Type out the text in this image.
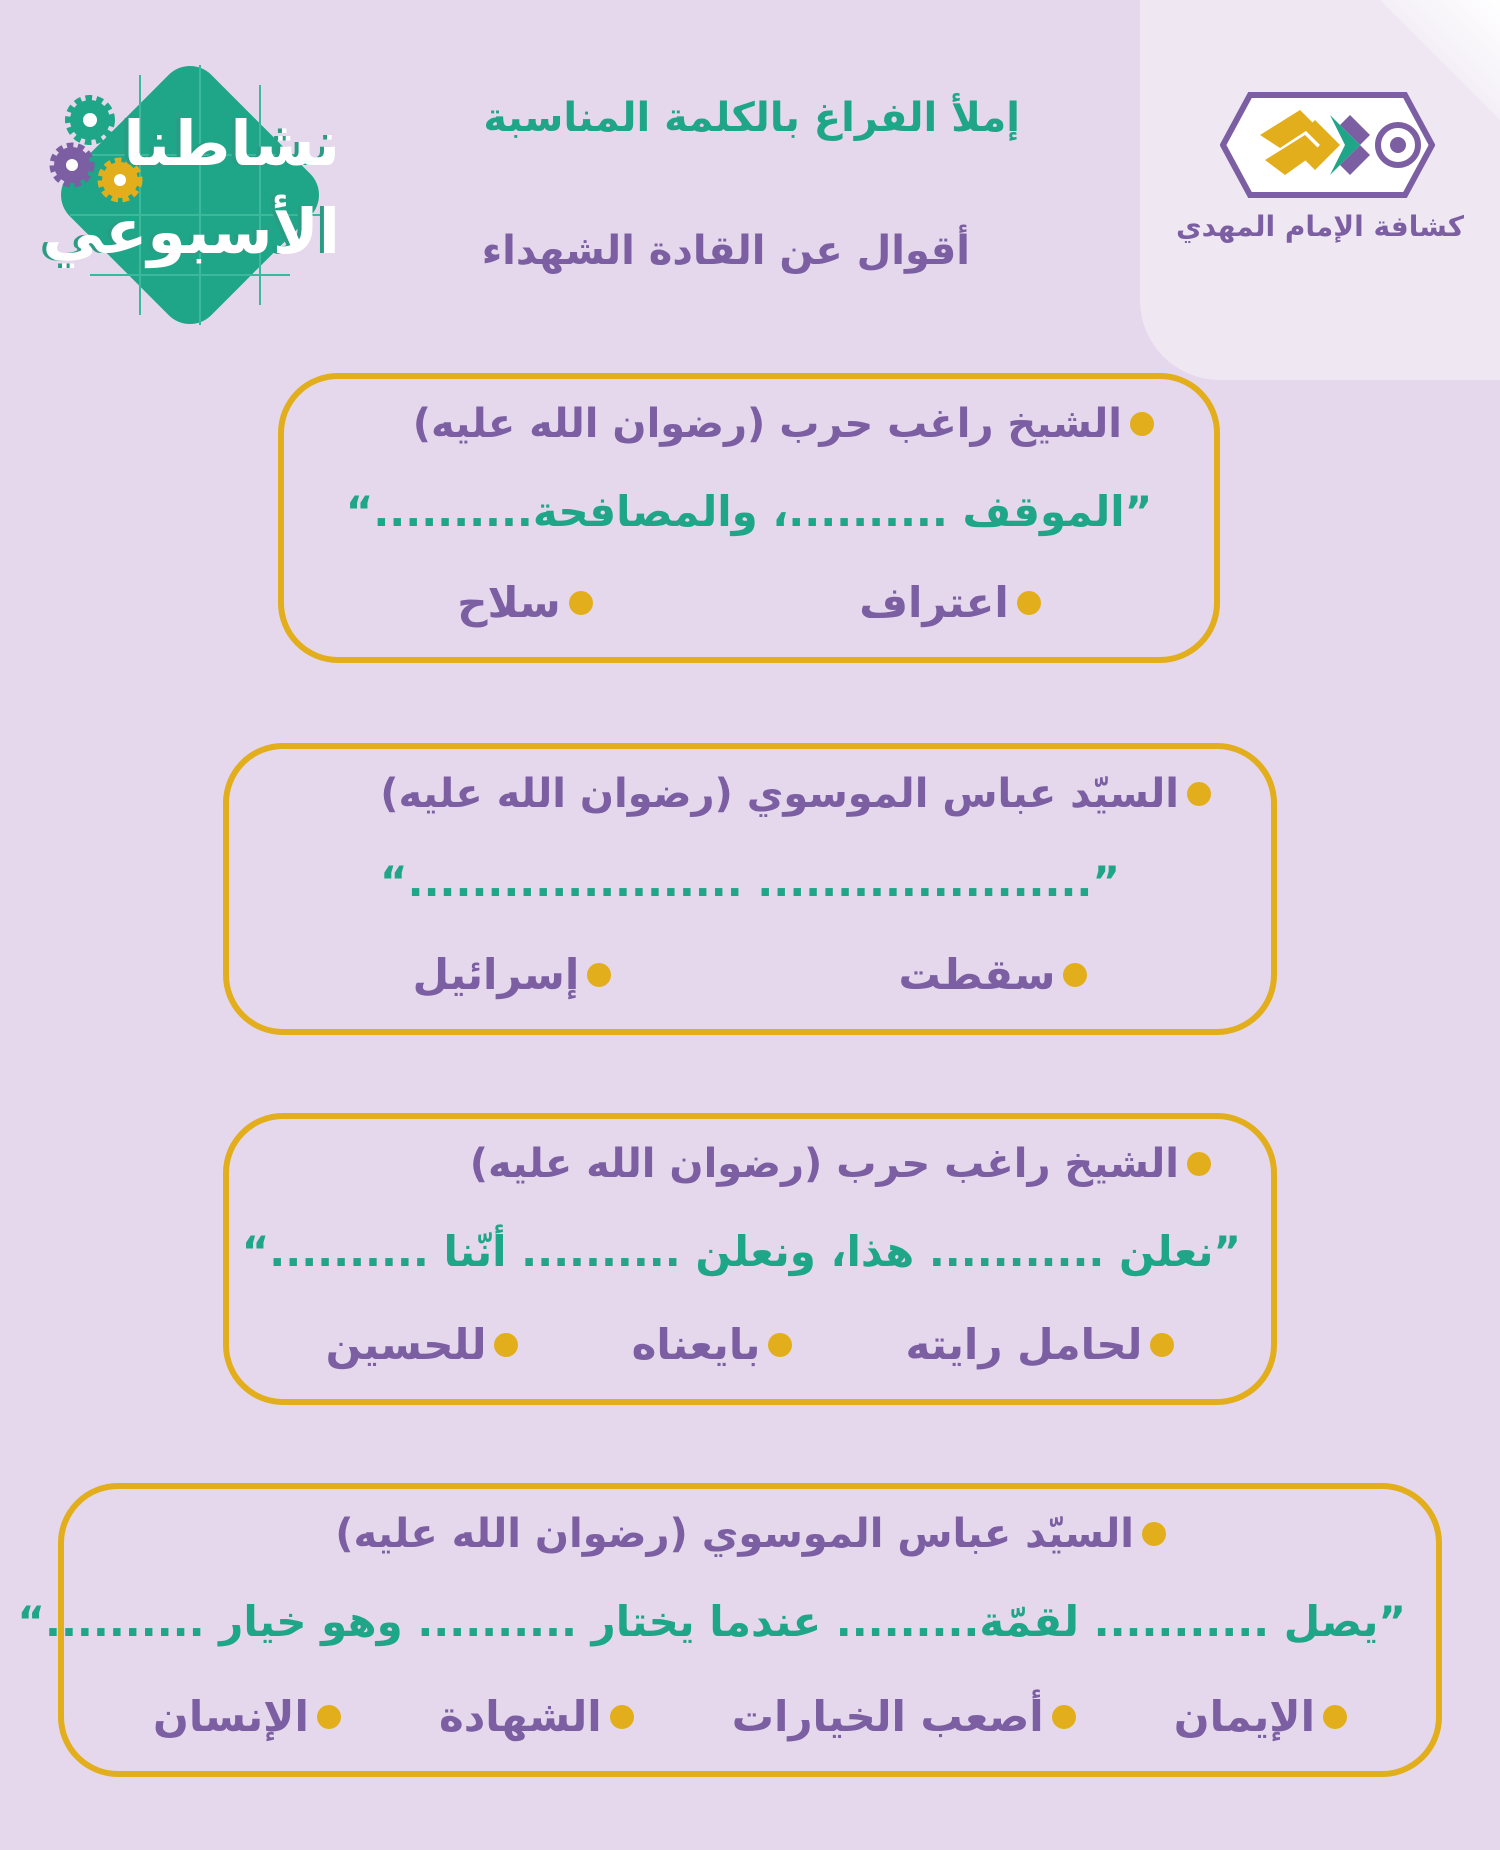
كشافة الإمام المهدي
نشاطنا
الأسبوعي
إملأ الفراغ بالكلمة المناسبة
أقوال عن القادة الشهداء
الشيخ راغب حرب (رضوان الله عليه)
”الموقف ..........، والمصافحة..........“
اعتراف
سلاح
السيّد عباس الموسوي (رضوان الله عليه)
”..................... .....................“
سقطت
إسرائيل
الشيخ راغب حرب (رضوان الله عليه)
”نعلن ........... هذا، ونعلن .......... أنّنا ..........“
لحامل رايته
بايعناه
للحسين
السيّد عباس الموسوي (رضوان الله عليه)
”يصل ........... لقمّة......... عندما يختار .......... وهو خيار ..........“
الإيمان
أصعب الخيارات
الشهادة
الإنسان
